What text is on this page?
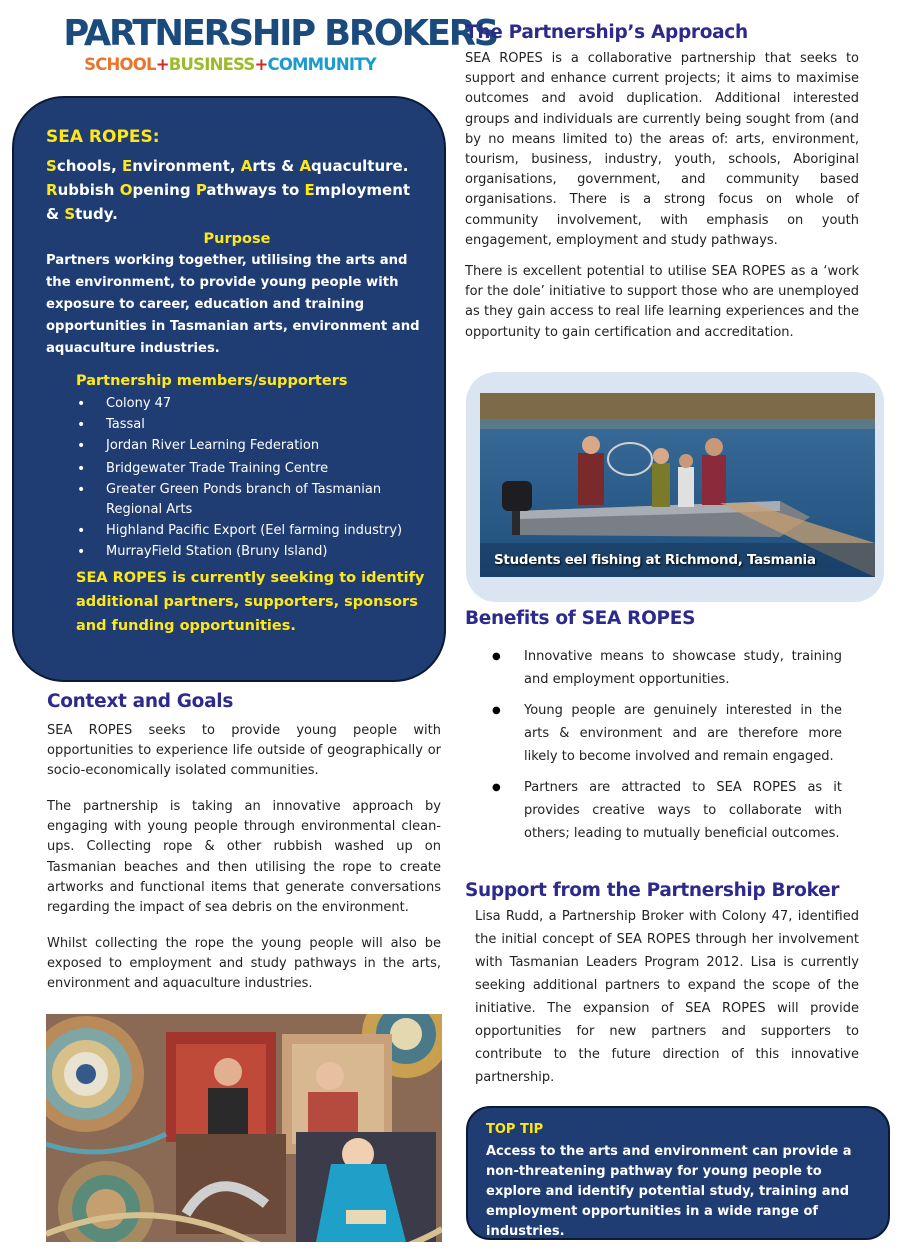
PARTNERSHIP BROKERS
SCHOOL+BUSINESS+COMMUNITY
SEA ROPES:
Schools, Environment, Arts & Aquaculture.
Rubbish Opening Pathways to Employment & Study.
Purpose
Partners working together, utilising the arts and the environment, to provide young people with exposure to career, education and training opportunities in Tasmanian arts, environment and aquaculture industries.
Partnership members/supporters
• Colony 47
• Tassal
• Jordan River Learning Federation
• Bridgewater Trade Training Centre
• Greater Green Ponds branch of Tasmanian Regional Arts
• Highland Pacific Export (Eel farming industry)
• MurrayField Station (Bruny Island)
SEA ROPES is currently seeking to identify additional partners, supporters, sponsors and funding opportunities.
Context and Goals
SEA ROPES seeks to provide young people with opportunities to experience life outside of geographically or socio-economically isolated communities.
The partnership is taking an innovative approach by engaging with young people through environmental clean-ups. Collecting rope & other rubbish washed up on Tasmanian beaches and then utilising the rope to create artworks and functional items that generate conversations regarding the impact of sea debris on the environment.
Whilst collecting the rope the young people will also be exposed to employment and study pathways in the arts, environment and aquaculture industries.
The Partnership’s Approach
SEA ROPES is a collaborative partnership that seeks to support and enhance current projects; it aims to maximise outcomes and avoid duplication. Additional interested groups and individuals are currently being sought from (and by no means limited to) the areas of: arts, environment, tourism, business, industry, youth, schools, Aboriginal organisations, government, and community based organisations. There is a strong focus on whole of community involvement, with emphasis on youth engagement, employment and study pathways.
There is excellent potential to utilise SEA ROPES as a ‘work for the dole’ initiative to support those who are unemployed as they gain access to real life learning experiences and the opportunity to gain certification and accreditation.
Students eel fishing at Richmond, Tasmania
Benefits of SEA ROPES
● Innovative means to showcase study, training and employment opportunities.
● Young people are genuinely interested in the arts & environment and are therefore more likely to become involved and remain engaged.
● Partners are attracted to SEA ROPES as it provides creative ways to collaborate with others; leading to mutually beneficial outcomes.
Support from the Partnership Broker
Lisa Rudd, a Partnership Broker with Colony 47, identified the initial concept of SEA ROPES through her involvement with Tasmanian Leaders Program 2012. Lisa is currently seeking additional partners to expand the scope of the initiative. The expansion of SEA ROPES will provide opportunities for new partners and supporters to contribute to the future direction of this innovative partnership.
TOP TIP
Access to the arts and environment can provide a non-threatening pathway for young people to explore and identify potential study, training and employment opportunities in a wide range of industries.
